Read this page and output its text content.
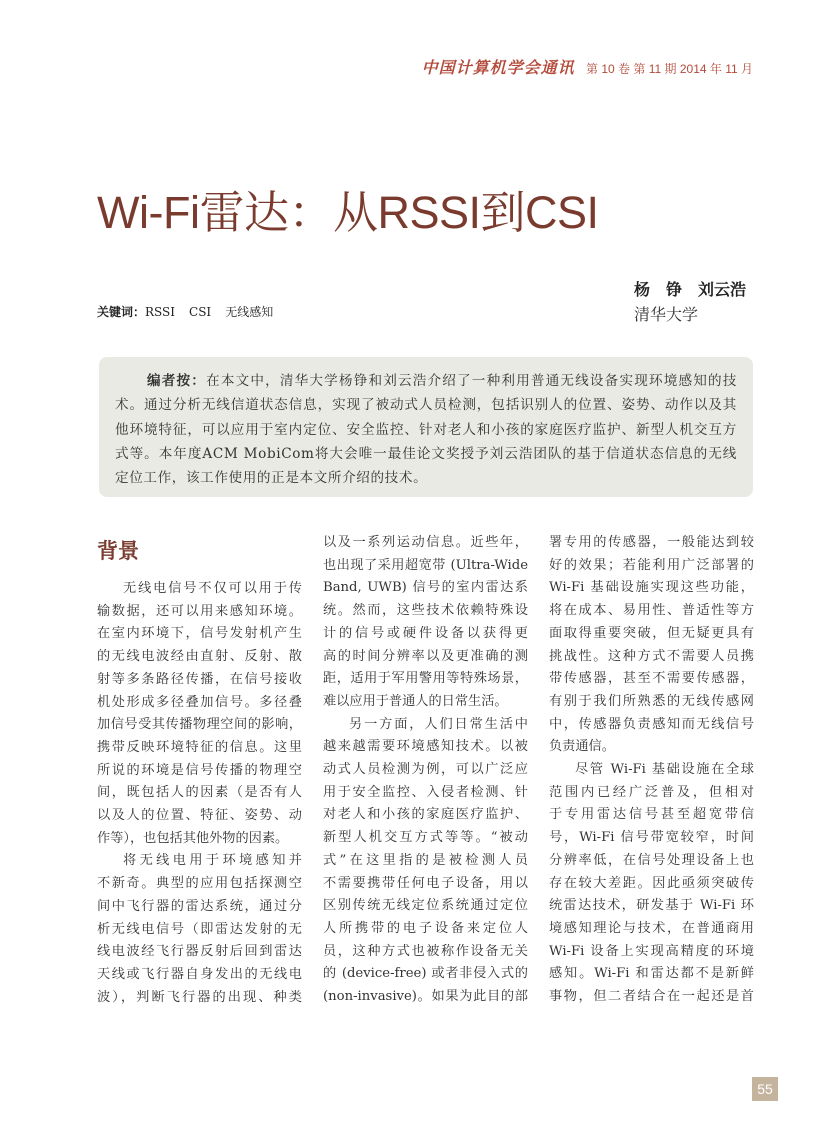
中国计算机学会通讯 第 10 卷 第 11 期 2014 年 11 月
Wi-Fi雷达：从RSSI到CSI
杨　铮　刘云浩
清华大学
关键词：RSSI CSI 无线感知
编者按：在本文中，清华大学杨铮和刘云浩介绍了一种利用普通无线设备实现环境感知的技术。通过分析无线信道状态信息，实现了被动式人员检测，包括识别人的位置、姿势、动作以及其他环境特征，可以应用于室内定位、安全监控、针对老人和小孩的家庭医疗监护、新型人机交互方式等。本年度ACM MobiCom将大会唯一最佳论文奖授予刘云浩团队的基于信道状态信息的无线定位工作，该工作使用的正是本文所介绍的技术。
背景
无线电信号不仅可以用于传
输数据，还可以用来感知环境。
在室内环境下，信号发射机产生
的无线电波经由直射、反射、散
射等多条路径传播，在信号接收
机处形成多径叠加信号。多径叠
加信号受其传播物理空间的影响，
携带反映环境特征的信息。这里
所说的环境是信号传播的物理空
间，既包括人的因素（是否有人
以及人的位置、特征、姿势、动
作等），也包括其他外物的因素。
将无线电用于环境感知并
不新奇。典型的应用包括探测空
间中飞行器的雷达系统，通过分
析无线电信号（即雷达发射的无
线电波经飞行器反射后回到雷达
天线或飞行器自身发出的无线电
波），判断飞行器的出现、种类
以及一系列运动信息。近些年，
也出现了采用超宽带 (Ultra-Wide
Band, UWB) 信号的室内雷达系
统。然而，这些技术依赖特殊设
计的信号或硬件设备以获得更
高的时间分辨率以及更准确的测
距，适用于军用警用等特殊场景，
难以应用于普通人的日常生活。
另一方面，人们日常生活中
越来越需要环境感知技术。以被
动式人员检测为例，可以广泛应
用于安全监控、入侵者检测、针
对老人和小孩的家庭医疗监护、
新型人机交互方式等等。“被动
式”在这里指的是被检测人员
不需要携带任何电子设备，用以
区别传统无线定位系统通过定位
人所携带的电子设备来定位人
员，这种方式也被称作设备无关
的 (device-free) 或者非侵入式的
(non-invasive)。如果为此目的部
署专用的传感器，一般能达到较
好的效果；若能利用广泛部署的
Wi-Fi 基础设施实现这些功能，
将在成本、易用性、普适性等方
面取得重要突破，但无疑更具有
挑战性。这种方式不需要人员携
带传感器，甚至不需要传感器，
有别于我们所熟悉的无线传感网
中，传感器负责感知而无线信号
负责通信。
尽管 Wi-Fi 基础设施在全球
范围内已经广泛普及，但相对
于专用雷达信号甚至超宽带信
号，Wi-Fi 信号带宽较窄，时间
分辨率低，在信号处理设备上也
存在较大差距。因此亟须突破传
统雷达技术，研发基于 Wi-Fi 环
境感知理论与技术，在普通商用
Wi-Fi 设备上实现高精度的环境
感知。Wi-Fi 和雷达都不是新鲜
事物，但二者结合在一起还是首
55
